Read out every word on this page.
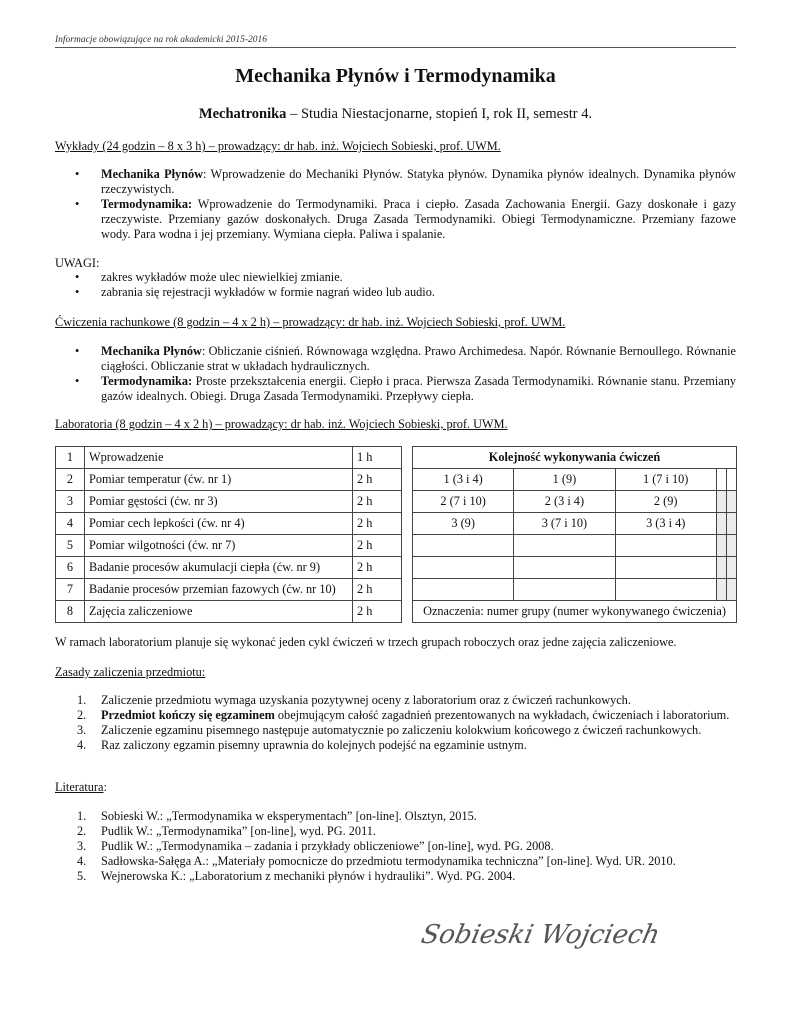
Informacje obowiązujące na rok akademicki 2015-2016
Mechanika Płynów i Termodynamika
Mechatronika – Studia Niestacjonarne, stopień I, rok II, semestr 4.
Wykłady (24 godzin – 8 x 3 h) – prowadzący: dr hab. inż. Wojciech Sobieski, prof. UWM.
• Mechanika Płynów: Wprowadzenie do Mechaniki Płynów. Statyka płynów. Dynamika płynów idealnych. Dynamika płynów rzeczywistych.
• Termodynamika: Wprowadzenie do Termodynamiki. Praca i ciepło. Zasada Zachowania Energii. Gazy doskonałe i gazy rzeczywiste. Przemiany gazów doskonałych. Druga Zasada Termodynamiki. Obiegi Termodynamiczne. Przemiany fazowe wody. Para wodna i jej przemiany. Wymiana ciepła. Paliwa i spalanie.
UWAGI:
• zakres wykładów może ulec niewielkiej zmianie.
• zabrania się rejestracji wykładów w formie nagrań wideo lub audio.
Ćwiczenia rachunkowe (8 godzin – 4 x 2 h) – prowadzący: dr hab. inż. Wojciech Sobieski, prof. UWM.
• Mechanika Płynów: Obliczanie ciśnień. Równowaga względna. Prawo Archimedesa. Napór. Równanie Bernoullego. Równanie ciągłości. Obliczanie strat w układach hydraulicznych.
• Termodynamika: Proste przekształcenia energii. Ciepło i praca. Pierwsza Zasada Termodynamiki. Równanie stanu. Przemiany gazów idealnych. Obiegi. Druga Zasada Termodynamiki. Przepływy ciepła.
Laboratoria (8 godzin – 4 x 2 h) – prowadzący: dr hab. inż. Wojciech Sobieski, prof. UWM.
1	Wprowadzenie	1 h
2	Pomiar temperatur (ćw. nr 1)	2 h
3	Pomiar gęstości (ćw. nr 3)	2 h
4	Pomiar cech lepkości (ćw. nr 4)	2 h
5	Pomiar wilgotności (ćw. nr 7)	2 h
6	Badanie procesów akumulacji ciepła (ćw. nr 9)	2 h
7	Badanie procesów przemian fazowych (ćw. nr 10)	2 h
8	Zajęcia zaliczeniowe	2 h
Kolejność wykonywania ćwiczeń				
1 (3 i 4)	1 (9)	1 (7 i 10)		
2 (7 i 10)	2 (3 i 4)	2 (9)		
3 (9)	3 (7 i 10)	3 (3 i 4)		

Oznaczenia: numer grupy (numer wykonywanego ćwiczenia)				
W ramach laboratorium planuje się wykonać jeden cykl ćwiczeń w trzech grupach roboczych oraz jedne zajęcia zaliczeniowe.
Zasady zaliczenia przedmiotu:
1. Zaliczenie przedmiotu wymaga uzyskania pozytywnej oceny z laboratorium oraz z ćwiczeń rachunkowych.
2. Przedmiot kończy się egzaminem obejmującym całość zagadnień prezentowanych na wykładach, ćwiczeniach i laboratorium.
3. Zaliczenie egzaminu pisemnego następuje automatycznie po zaliczeniu kolokwium końcowego z ćwiczeń rachunkowych.
4. Raz zaliczony egzamin pisemny uprawnia do kolejnych podejść na egzaminie ustnym.
Literatura:
1. Sobieski W.: „Termodynamika w eksperymentach” [on-line]. Olsztyn, 2015.
2. Pudlik W.: „Termodynamika” [on-line], wyd. PG. 2011.
3. Pudlik W.: „Termodynamika – zadania i przykłady obliczeniowe” [on-line], wyd. PG. 2008.
4. Sadłowska-Sałęga A.: „Materiały pomocnicze do przedmiotu termodynamika techniczna” [on-line]. Wyd. UR. 2010.
5. Wejnerowska K.: „Laboratorium z mechaniki płynów i hydrauliki”. Wyd. PG. 2004.
Sobieski Wojciech
